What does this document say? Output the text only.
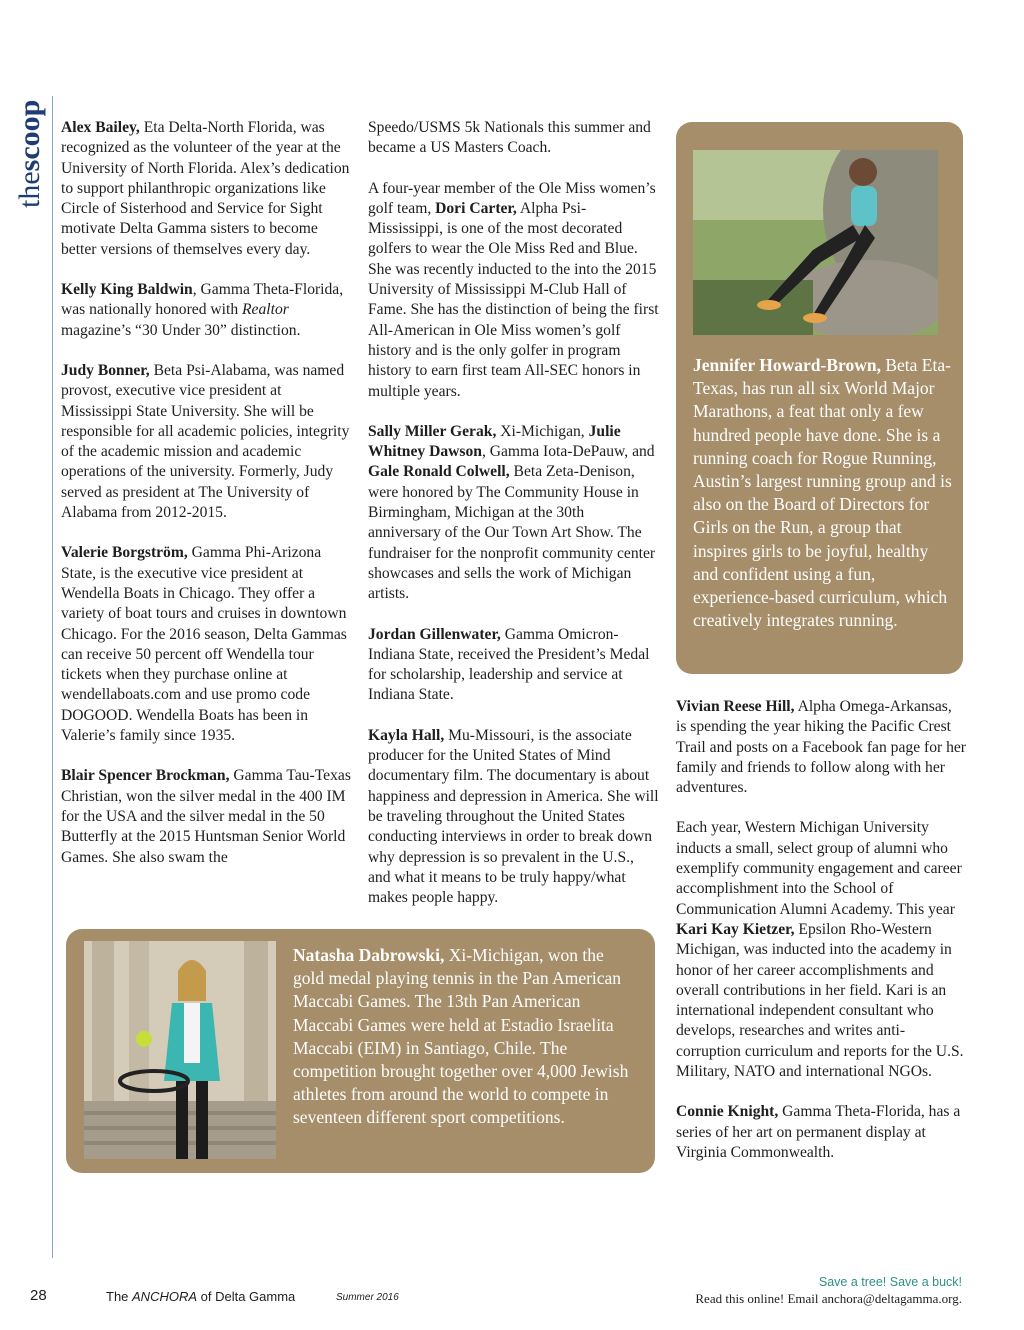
thescoop Alex Bailey, Eta Delta-North Florida, was recognized as the volunteer of the year at the University of North Florida. Alex’s dedication to support philanthropic organizations like Circle of Sisterhood and Service for Sight motivate Delta Gamma sisters to become better versions of themselves every day.

Kelly King Baldwin, Gamma Theta-Florida, was nationally honored with Realtor magazine’s “30 Under 30” distinction.

Judy Bonner, Beta Psi-Alabama, was named provost, executive vice president at Mississippi State University. She will be responsible for all academic policies, integrity of the academic mission and academic operations of the university. Formerly, Judy served as president at The University of Alabama from 2012-2015.

Valerie Borgström, Gamma Phi-Arizona State, is the executive vice president at Wendella Boats in Chicago. They offer a variety of boat tours and cruises in downtown Chicago. For the 2016 season, Delta Gammas can receive 50 percent off Wendella tour tickets when they purchase online at wendellaboats.com and use promo code DOGOOD. Wendella Boats has been in Valerie’s family since 1935.

Blair Spencer Brockman, Gamma Tau-Texas Christian, won the silver medal in the 400 IM for the USA and the silver medal in the 50 Butterfly at the 2015 Huntsman Senior World Games. She also swam the

Speedo/USMS 5k Nationals this summer and became a US Masters Coach.

A four-year member of the Ole Miss women’s golf team, Dori Carter, Alpha Psi-Mississippi, is one of the most decorated golfers to wear the Ole Miss Red and Blue. She was recently inducted to the into the 2015 University of Mississippi M-Club Hall of Fame. She has the distinction of being the first All-American in Ole Miss women’s golf history and is the only golfer in program history to earn first team All-SEC honors in multiple years.

Sally Miller Gerak, Xi-Michigan, Julie Whitney Dawson, Gamma Iota-DePauw, and Gale Ronald Colwell, Beta Zeta-Denison, were honored by The Community House in Birmingham, Michigan at the 30th anniversary of the Our Town Art Show. The fundraiser for the nonprofit community center showcases and sells the work of Michigan artists.

Jordan Gillenwater, Gamma Omicron-Indiana State, received the President’s Medal for scholarship, leadership and service at Indiana State.

Kayla Hall, Mu-Missouri, is the associate producer for the United States of Mind documentary film. The documentary is about happiness and depression in America. She will be traveling throughout the United States conducting interviews in order to break down why depression is so prevalent in the U.S., and what it means to be truly happy/what makes people happy.

Jennifer Howard-Brown, Beta Eta-Texas, has run all six World Major Marathons, a feat that only a few hundred people have done. She is a running coach for Rogue Running, Austin’s largest running group and is also on the Board of Directors for Girls on the Run, a group that inspires girls to be joyful, healthy and confident using a fun, experience-based curriculum, which creatively integrates running.

Vivian Reese Hill, Alpha Omega-Arkansas, is spending the year hiking the Pacific Crest Trail and posts on a Facebook fan page for her family and friends to follow along with her adventures.

Each year, Western Michigan University inducts a small, select group of alumni who exemplify community engagement and career accomplishment into the School of Communication Alumni Academy. This year Kari Kay Kietzer, Epsilon Rho-Western Michigan, was inducted into the academy in honor of her career accomplishments and overall contributions in her field. Kari is an international independent consultant who develops, researches and writes anti-corruption curriculum and reports for the U.S. Military, NATO and international NGOs.

Connie Knight, Gamma Theta-Florida, has a series of her art on permanent display at Virginia Commonwealth.

Natasha Dabrowski, Xi-Michigan, won the gold medal playing tennis in the Pan American Maccabi Games. The 13th Pan American Maccabi Games were held at Estadio Israelita Maccabi (EIM) in Santiago, Chile. The competition brought together over 4,000 Jewish athletes from around the world to compete in seventeen different sport competitions.
28	The ANCHORA of Delta Gamma	Summer 2016
Save a tree! Save a buck!
Read this online! Email anchora@deltagamma.org.
